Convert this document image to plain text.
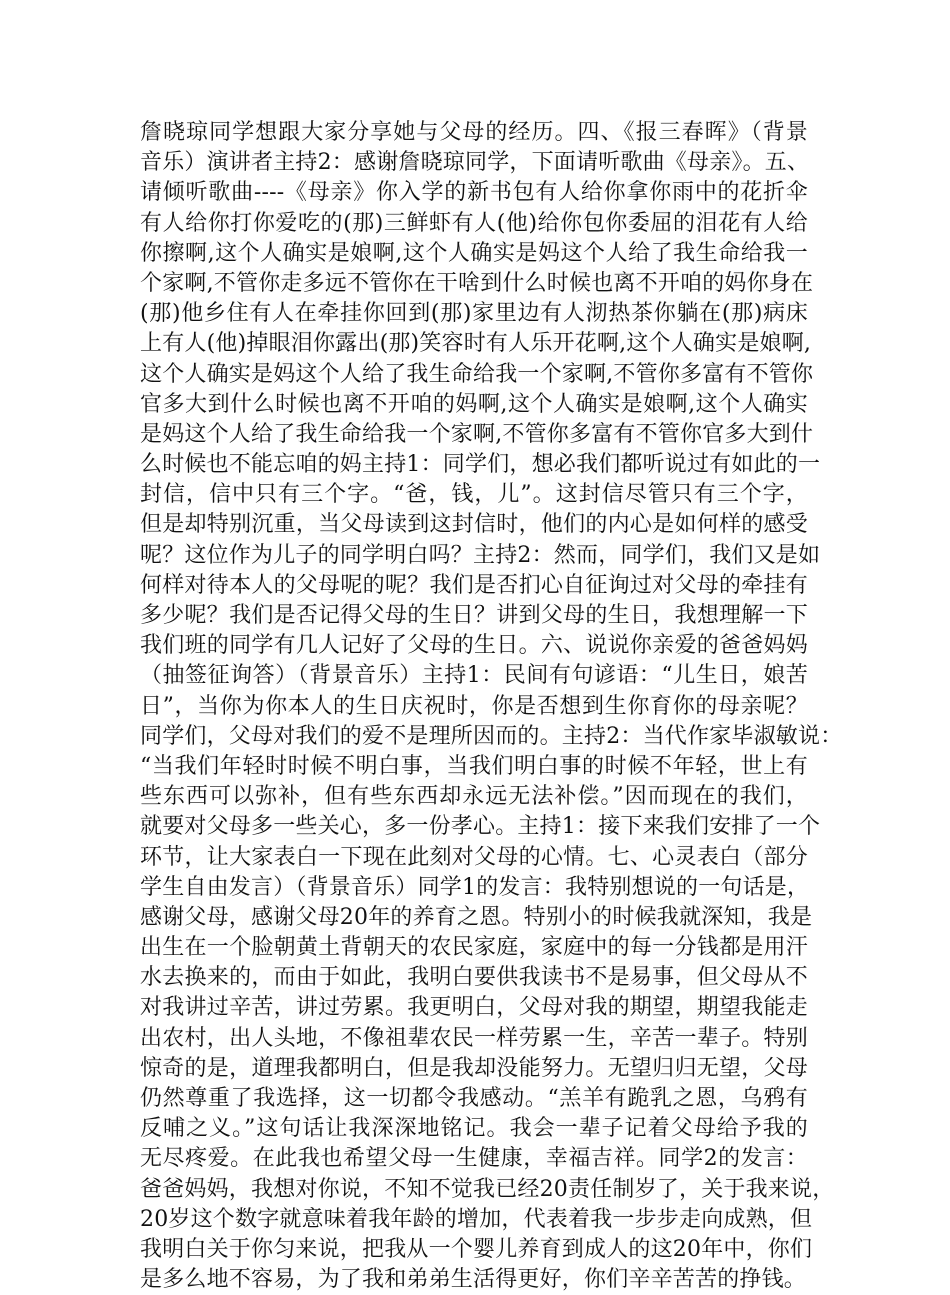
詹晓琼同学想跟大家分享她与父母的经历。四、《报三春晖》（背景
音乐）演讲者主持2：感谢詹晓琼同学，下面请听歌曲《母亲》。五、
请倾听歌曲----《母亲》你入学的新书包有人给你拿你雨中的花折伞
有人给你打你爱吃的(那)三鲜虾有人(他)给你包你委屈的泪花有人给
你擦啊,这个人确实是娘啊,这个人确实是妈这个人给了我生命给我一
个家啊,不管你走多远不管你在干啥到什么时候也离不开咱的妈你身在
(那)他乡住有人在牵挂你回到(那)家里边有人沏热茶你躺在(那)病床
上有人(他)掉眼泪你露出(那)笑容时有人乐开花啊,这个人确实是娘啊,
这个人确实是妈这个人给了我生命给我一个家啊,不管你多富有不管你
官多大到什么时候也离不开咱的妈啊,这个人确实是娘啊,这个人确实
是妈这个人给了我生命给我一个家啊,不管你多富有不管你官多大到什
么时候也不能忘咱的妈主持1：同学们，想必我们都听说过有如此的一
封信，信中只有三个字。“爸，钱，儿”。这封信尽管只有三个字，
但是却特别沉重，当父母读到这封信时，他们的内心是如何样的感受
呢？这位作为儿子的同学明白吗？主持2：然而，同学们，我们又是如
何样对待本人的父母呢的呢？我们是否扪心自征询过对父母的牵挂有
多少呢？我们是否记得父母的生日？讲到父母的生日，我想理解一下
我们班的同学有几人记好了父母的生日。六、说说你亲爱的爸爸妈妈
（抽签征询答）（背景音乐）主持1：民间有句谚语：“儿生日，娘苦
日”，当你为你本人的生日庆祝时，你是否想到生你育你的母亲呢？
同学们，父母对我们的爱不是理所因而的。主持2：当代作家毕淑敏说：
“当我们年轻时时候不明白事，当我们明白事的时候不年轻，世上有
些东西可以弥补，但有些东西却永远无法补偿。”因而现在的我们，
就要对父母多一些关心，多一份孝心。主持1：接下来我们安排了一个
环节，让大家表白一下现在此刻对父母的心情。七、心灵表白（部分
学生自由发言）（背景音乐）同学1的发言：我特别想说的一句话是，
感谢父母，感谢父母20年的养育之恩。特别小的时候我就深知，我是
出生在一个脸朝黄土背朝天的农民家庭，家庭中的每一分钱都是用汗
水去换来的，而由于如此，我明白要供我读书不是易事，但父母从不
对我讲过辛苦，讲过劳累。我更明白，父母对我的期望，期望我能走
出农村，出人头地，不像祖辈农民一样劳累一生，辛苦一辈子。特别
惊奇的是，道理我都明白，但是我却没能努力。无望归归无望，父母
仍然尊重了我选择，这一切都令我感动。“羔羊有跪乳之恩，乌鸦有
反哺之义。”这句话让我深深地铭记。我会一辈子记着父母给予我的
无尽疼爱。在此我也希望父母一生健康，幸福吉祥。同学2的发言：
爸爸妈妈，我想对你说，不知不觉我已经20责任制岁了，关于我来说，
20岁这个数字就意味着我年龄的增加，代表着我一步步走向成熟，但
我明白关于你匀来说，把我从一个婴儿养育到成人的这20年中，你们
是多么地不容易，为了我和弟弟生活得更好，你们辛辛苦苦的挣钱。
